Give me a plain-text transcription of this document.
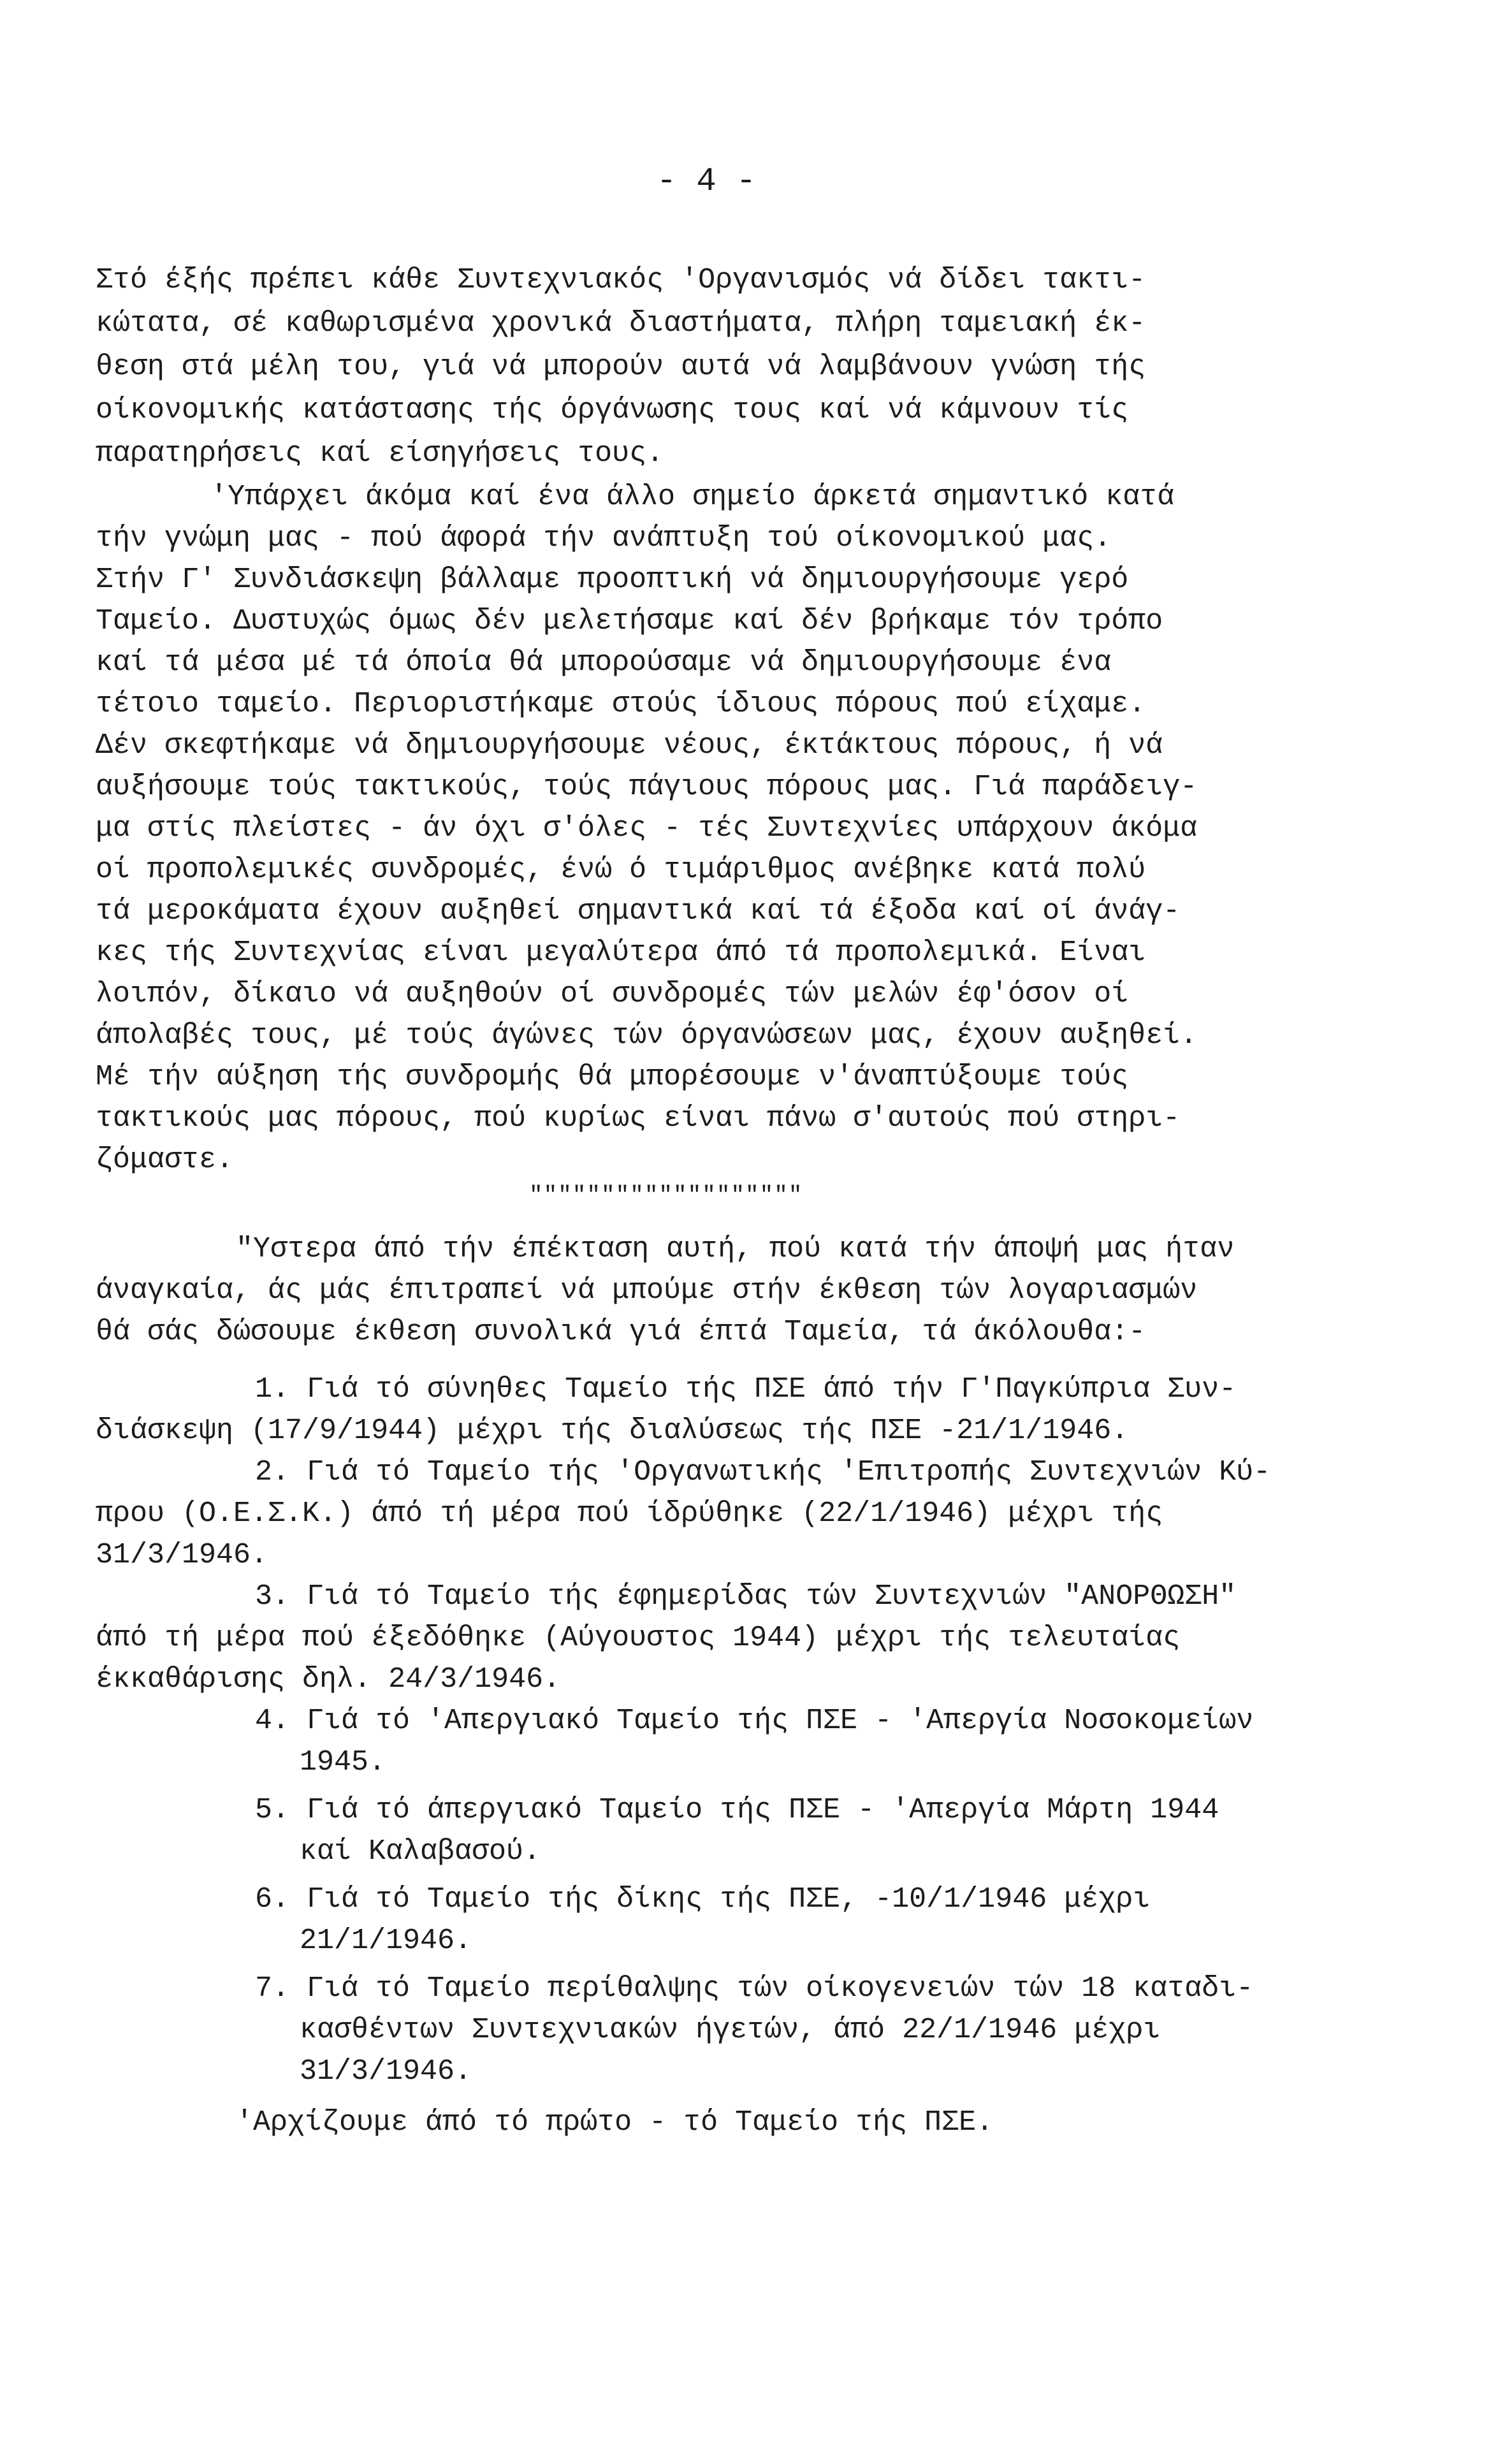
- 4 -
Στό έξής πρέπει κάθε Συντεχνιακός 'Οργανισμός νά δίδει τακτι-
κώτατα, σέ καθωρισμένα χρονικά διαστήματα, πλήρη ταμειακή έκ-
θεση στά μέλη του, γιά νά μπορούν αυτά νά λαμβάνουν γνώση τής
οίκονομικής κατάστασης τής όργάνωσης τους καί νά κάμνουν τίς
παρατηρήσεις καί είσηγήσεις τους.
'Υπάρχει άκόμα καί ένα άλλο σημείο άρκετά σημαντικό κατά
τήν γνώμη μας - πού άφορά τήν ανάπτυξη τού οίκονομικού μας.
Στήν Γ' Συνδιάσκεψη βάλλαμε προοπτική νά δημιουργήσουμε γερό
Ταμείο. Δυστυχώς όμως δέν μελετήσαμε καί δέν βρήκαμε τόν τρόπο
καί τά μέσα μέ τά όποία θά μπορούσαμε νά δημιουργήσουμε ένα
τέτοιο ταμείο. Περιοριστήκαμε στούς ίδιους πόρους πού είχαμε.
Δέν σκεφτήκαμε νά δημιουργήσουμε νέους, έκτάκτους πόρους, ή νά
αυξήσουμε τούς τακτικούς, τούς πάγιους πόρους μας. Γιά παράδειγ-
μα στίς πλείστες - άν όχι σ'όλες - τές Συντεχνίες υπάρχουν άκόμα
οί προπολεμικές συνδρομές, ένώ ό τιμάριθμος ανέβηκε κατά πολύ
τά μεροκάματα έχουν αυξηθεί σημαντικά καί τά έξοδα καί οί άνάγ-
κες τής Συντεχνίας είναι μεγαλύτερα άπό τά προπολεμικά. Είναι
λοιπόν, δίκαιο νά αυξηθούν οί συνδρομές τών μελών έφ'όσον οί
άπολαβές τους, μέ τούς άγώνες τών όργανώσεων μας, έχουν αυξηθεί.
Μέ τήν αύξηση τής συνδρομής θά μπορέσουμε ν'άναπτύξουμε τούς
τακτικούς μας πόρους, πού κυρίως είναι πάνω σ'αυτούς πού στηρι-
ζόμαστε.
"""""""""""""""""""
"Υστερα άπό τήν έπέκταση αυτή, πού κατά τήν άποψή μας ήταν
άναγκαία, άς μάς έπιτραπεί νά μπούμε στήν έκθεση τών λογαριασμών
θά σάς δώσουμε έκθεση συνολικά γιά έπτά Ταμεία, τά άκόλουθα:-
1. Γιά τό σύνηθες Ταμείο τής ΠΣΕ άπό τήν Γ'Παγκύπρια Συν-
διάσκεψη (17/9/1944) μέχρι τής διαλύσεως τής ΠΣΕ -21/1/1946.
2. Γιά τό Ταμείο τής 'Οργανωτικής 'Επιτροπής Συντεχνιών Κύ-
πρου (Ο.Ε.Σ.Κ.) άπό τή μέρα πού ίδρύθηκε (22/1/1946) μέχρι τής
31/3/1946.
3. Γιά τό Ταμείο τής έφημερίδας τών Συντεχνιών "ΑΝΟΡΘΩΣΗ"
άπό τή μέρα πού έξεδόθηκε (Αύγουστος 1944) μέχρι τής τελευταίας
έκκαθάρισης δηλ. 24/3/1946.
4. Γιά τό 'Απεργιακό Ταμείο τής ΠΣΕ - 'Απεργία Νοσοκομείων
1945.
5. Γιά τό άπεργιακό Ταμείο τής ΠΣΕ - 'Απεργία Μάρτη 1944
καί Καλαβασού.
6. Γιά τό Ταμείο τής δίκης τής ΠΣΕ, -10/1/1946 μέχρι
21/1/1946.
7. Γιά τό Ταμείο περίθαλψης τών οίκογενειών τών 18 καταδι-
κασθέντων Συντεχνιακών ήγετών, άπό 22/1/1946 μέχρι
31/3/1946.
'Αρχίζουμε άπό τό πρώτο - τό Ταμείο τής ΠΣΕ.
